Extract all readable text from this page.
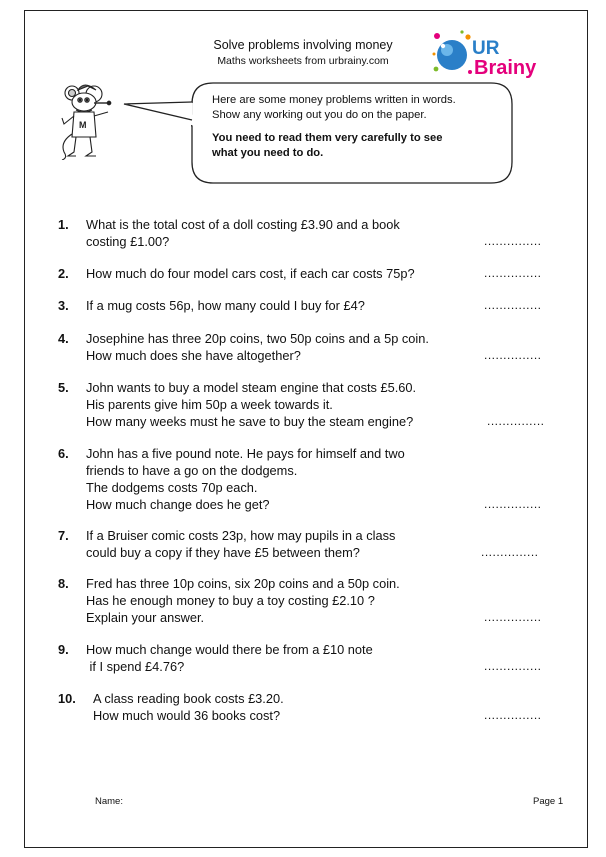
Solve problems involving money
Maths worksheets from urbrainy.com
UR
Brainy
M

Here are some money problems written in words.

Show any working out you do on the paper.

You need to read them very carefully to see

what you need to do.

1. What is the total cost of a doll costing £3.90 and a book
costing £1.00?	...............
2. How much do four model cars cost, if each car costs 75p?	...............
3. If a mug costs 56p, how many could I buy for £4?	...............
4. Josephine has three 20p coins, two 50p coins and a 5p coin.
How much does she have altogether?	...............
5. John wants to buy a model steam engine that costs £5.60.
His parents give him 50p a week towards it.
How many weeks must he save to buy the steam engine?	...............
6. John has a five pound note. He pays for himself and two
friends to have a go on the dodgems.
The dodgems costs 70p each.
How much change does he get?	...............
7. If a Bruiser comic costs 23p, how may pupils in a class
could buy a copy if they have £5 between them?	...............
8. Fred has three 10p coins, six 20p coins and a 50p coin.
Has he enough money to buy a toy costing £2.10 ?
Explain your answer.	...............
9. How much change would there be from a £10 note
if I spend £4.76?	...............
10. A class reading book costs £3.20.
How much would 36 books cost?	...............
Name:	Page 1
